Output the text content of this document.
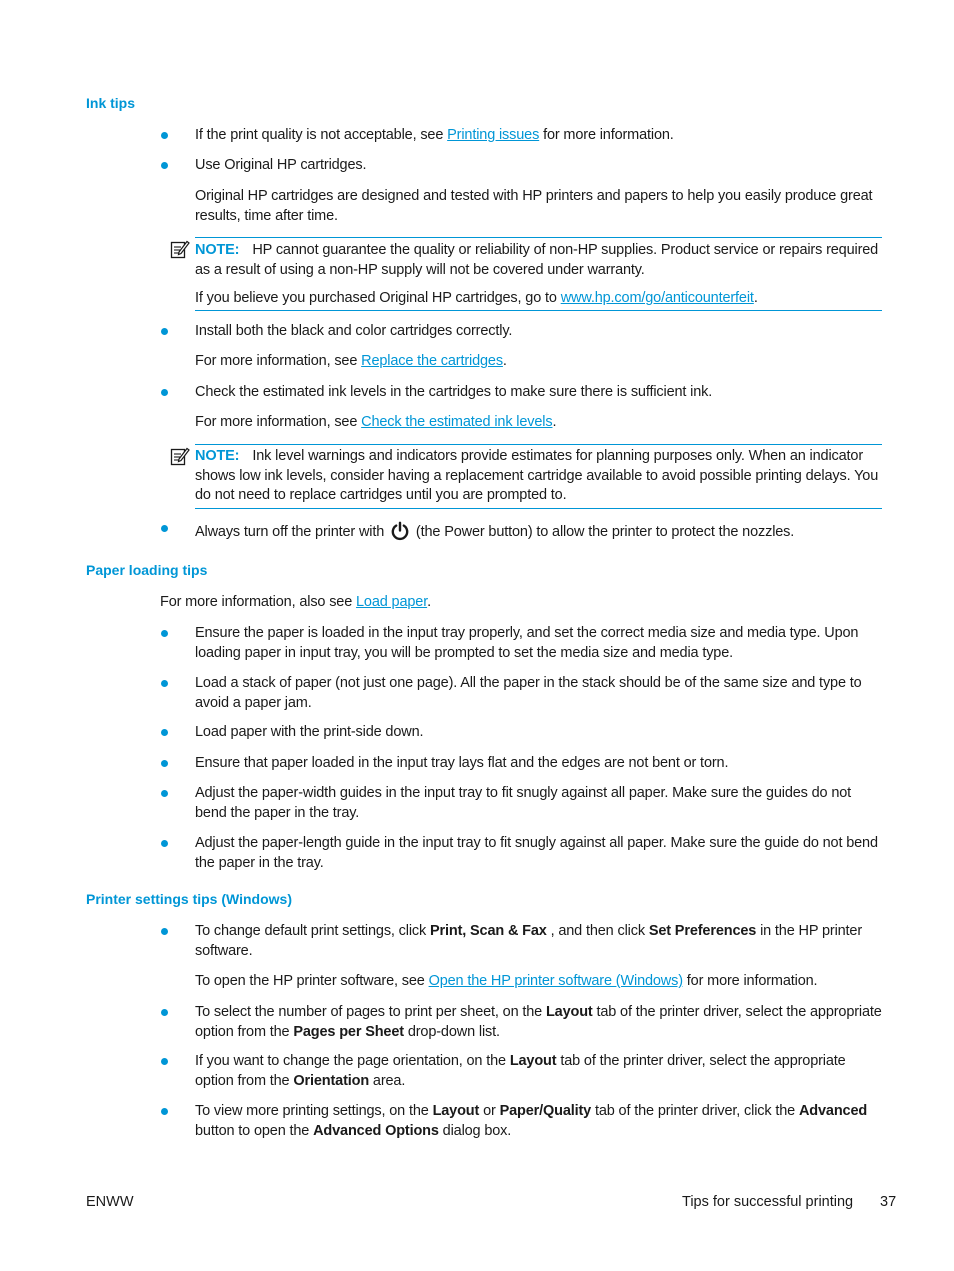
Ink tips

If the print quality is not acceptable, see Printing issues for more information.

Use Original HP cartridges.

Original HP cartridges are designed and tested with HP printers and papers to help you easily produce great results, time after time.

NOTE: HP cannot guarantee the quality or reliability of non-HP supplies. Product service or repairs required as a result of using a non-HP supply will not be covered under warranty.

If you believe you purchased Original HP cartridges, go to www.hp.com/go/anticounterfeit.

Install both the black and color cartridges correctly.

For more information, see Replace the cartridges.

Check the estimated ink levels in the cartridges to make sure there is sufficient ink.

For more information, see Check the estimated ink levels.

NOTE: Ink level warnings and indicators provide estimates for planning purposes only. When an indicator shows low ink levels, consider having a replacement cartridge available to avoid possible printing delays. You do not need to replace cartridges until you are prompted to.

Always turn off the printer with  (the Power button) to allow the printer to protect the nozzles.

Paper loading tips

For more information, also see Load paper.

Ensure the paper is loaded in the input tray properly, and set the correct media size and media type. Upon loading paper in input tray, you will be prompted to set the media size and media type.

Load a stack of paper (not just one page). All the paper in the stack should be of the same size and type to avoid a paper jam.

Load paper with the print-side down.

Ensure that paper loaded in the input tray lays flat and the edges are not bent or torn.

Adjust the paper-width guides in the input tray to fit snugly against all paper. Make sure the guides do not bend the paper in the tray.

Adjust the paper-length guide in the input tray to fit snugly against all paper. Make sure the guide do not bend the paper in the tray.

Printer settings tips (Windows)

To change default print settings, click Print, Scan & Fax , and then click Set Preferences in the HP printer software.

To open the HP printer software, see Open the HP printer software (Windows) for more information.

To select the number of pages to print per sheet, on the Layout tab of the printer driver, select the appropriate option from the Pages per Sheet drop-down list.

If you want to change the page orientation, on the Layout tab of the printer driver, select the appropriate option from the Orientation area.

To view more printing settings, on the Layout or Paper/Quality tab of the printer driver, click the Advanced button to open the Advanced Options dialog box.

ENWW	Tips for successful printing 37
